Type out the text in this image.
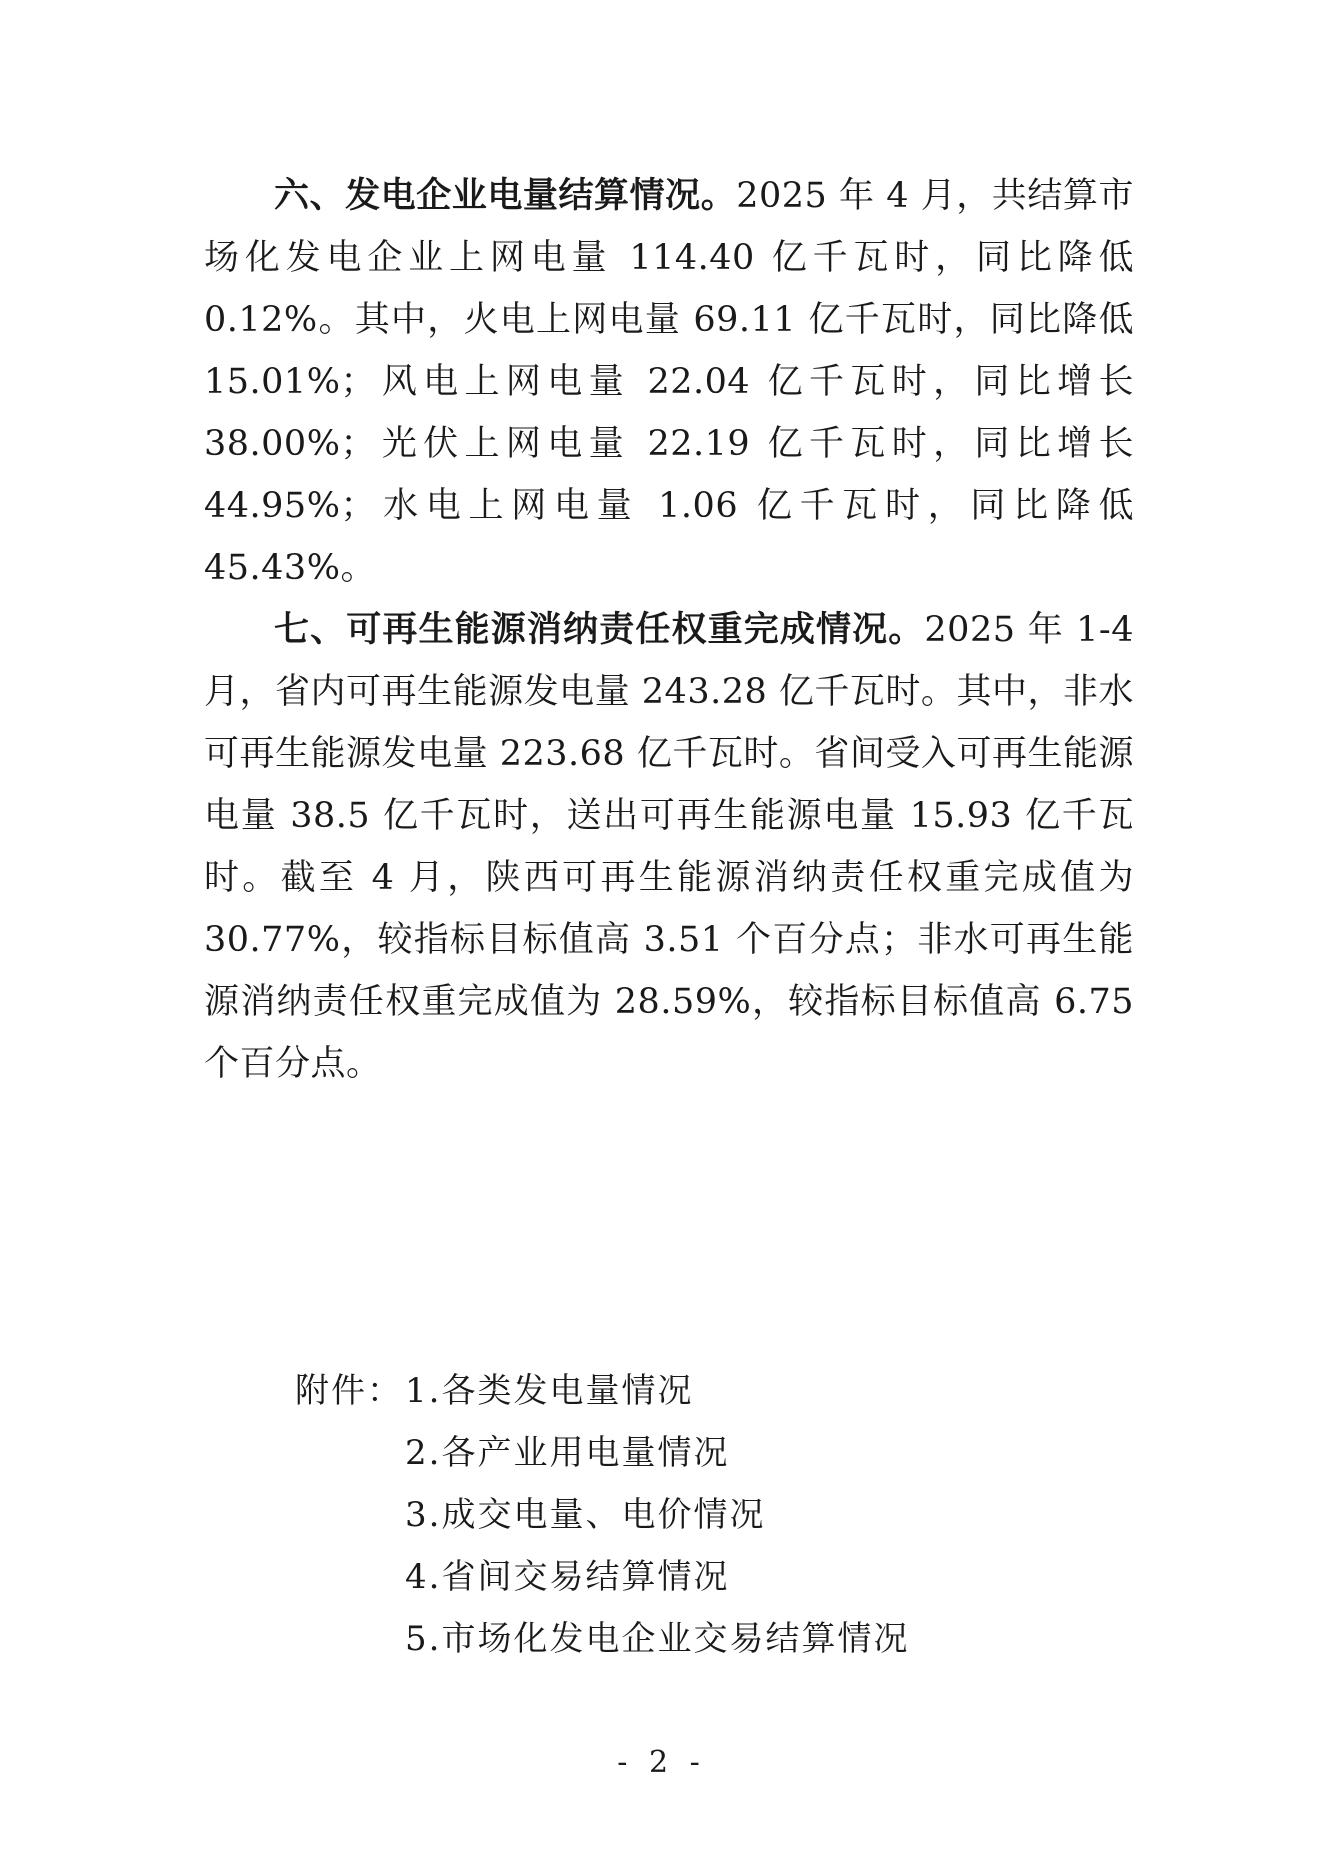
六、发电企业电量结算情况。2025 年 4 月，共结算市场化发电企业上网电量 114.40 亿千瓦时，同比降低 0.12%。其中，火电上网电量 69.11 亿千瓦时，同比降低 15.01%；风电上网电量 22.04 亿千瓦时，同比增长 38.00%；光伏上网电量 22.19 亿千瓦时，同比增长 44.95%；水电上网电量 1.06 亿千瓦时，同比降低 45.43%。

七、可再生能源消纳责任权重完成情况。2025 年 1-4 月，省内可再生能源发电量 243.28 亿千瓦时。其中，非水可再生能源发电量 223.68 亿千瓦时。省间受入可再生能源电量 38.5 亿千瓦时，送出可再生能源电量 15.93 亿千瓦时。截至 4 月，陕西可再生能源消纳责任权重完成值为 30.77%，较指标目标值高 3.51 个百分点；非水可再生能源消纳责任权重完成值为 28.59%，较指标目标值高 6.75 个百分点。

附件： 1.各类发电量情况
2.各产业用电量情况
3.成交电量、电价情况
4.省间交易结算情况
5.市场化发电企业交易结算情况
- 2 -
